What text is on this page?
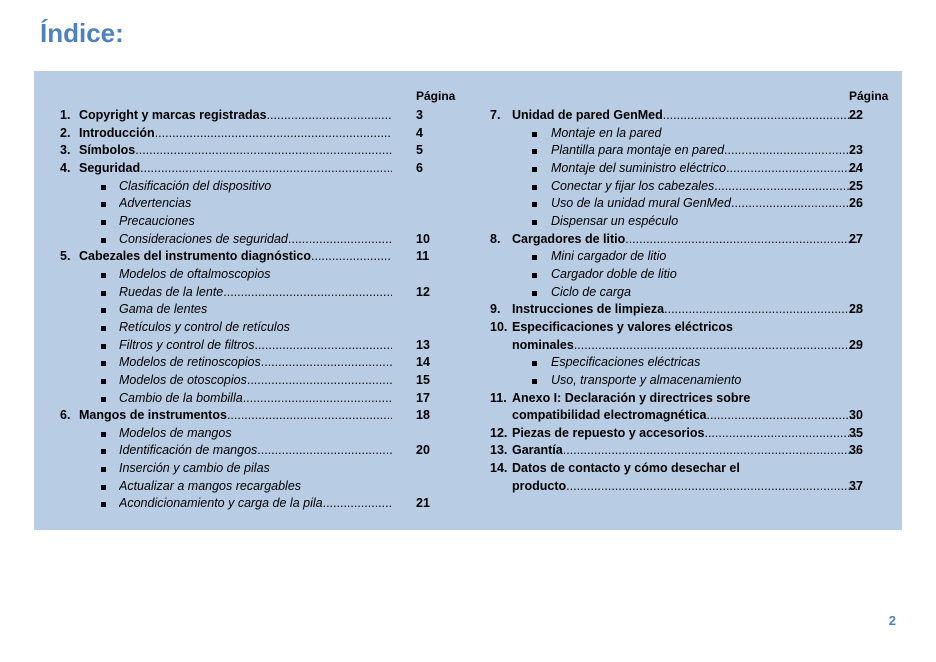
Índice:
Página
1. Copyright y marcas registradas .....	3
2. Introducción .....	4
3. Símbolos .....	5
4. Seguridad .....	6
Clasificación del dispositivo
Advertencias
Precauciones
Consideraciones de seguridad .....	10
5. Cabezales del instrumento diagnóstico .....	11
Modelos de oftalmoscopios
Ruedas de la lente .....	12
Gama de lentes
Retículos y control de retículos
Filtros y control de filtros .....	13
Modelos de retinoscopios .....	14
Modelos de otoscopios .....	15
Cambio de la bombilla .....	17
6. Mangos de instrumentos .....	18
Modelos de mangos
Identificación de mangos .....	20
Inserción y cambio de pilas
Actualizar a mangos recargables
Acondicionamiento y carga de la pila .....	21
Página
7. Unidad de pared GenMed .....	22
Montaje en la pared
Plantilla para montaje en pared .....	23
Montaje del suministro eléctrico .....	24
Conectar y fijar los cabezales .....	25
Uso de la unidad mural GenMed .....	26
Dispensar un espéculo
8. Cargadores de litio .....	27
Mini cargador de litio
Cargador doble de litio
Ciclo de carga
9. Instrucciones de limpieza .....	28
10. Especificaciones y valores eléctricos
nominales .....	29
Especificaciones eléctricas
Uso, transporte y almacenamiento
11. Anexo I: Declaración y directrices sobre
compatibilidad electromagnética .....	30
12. Piezas de repuesto y accesorios .....	35
13. Garantía .....	36
14. Datos de contacto y cómo desechar el
producto .....	37
2
